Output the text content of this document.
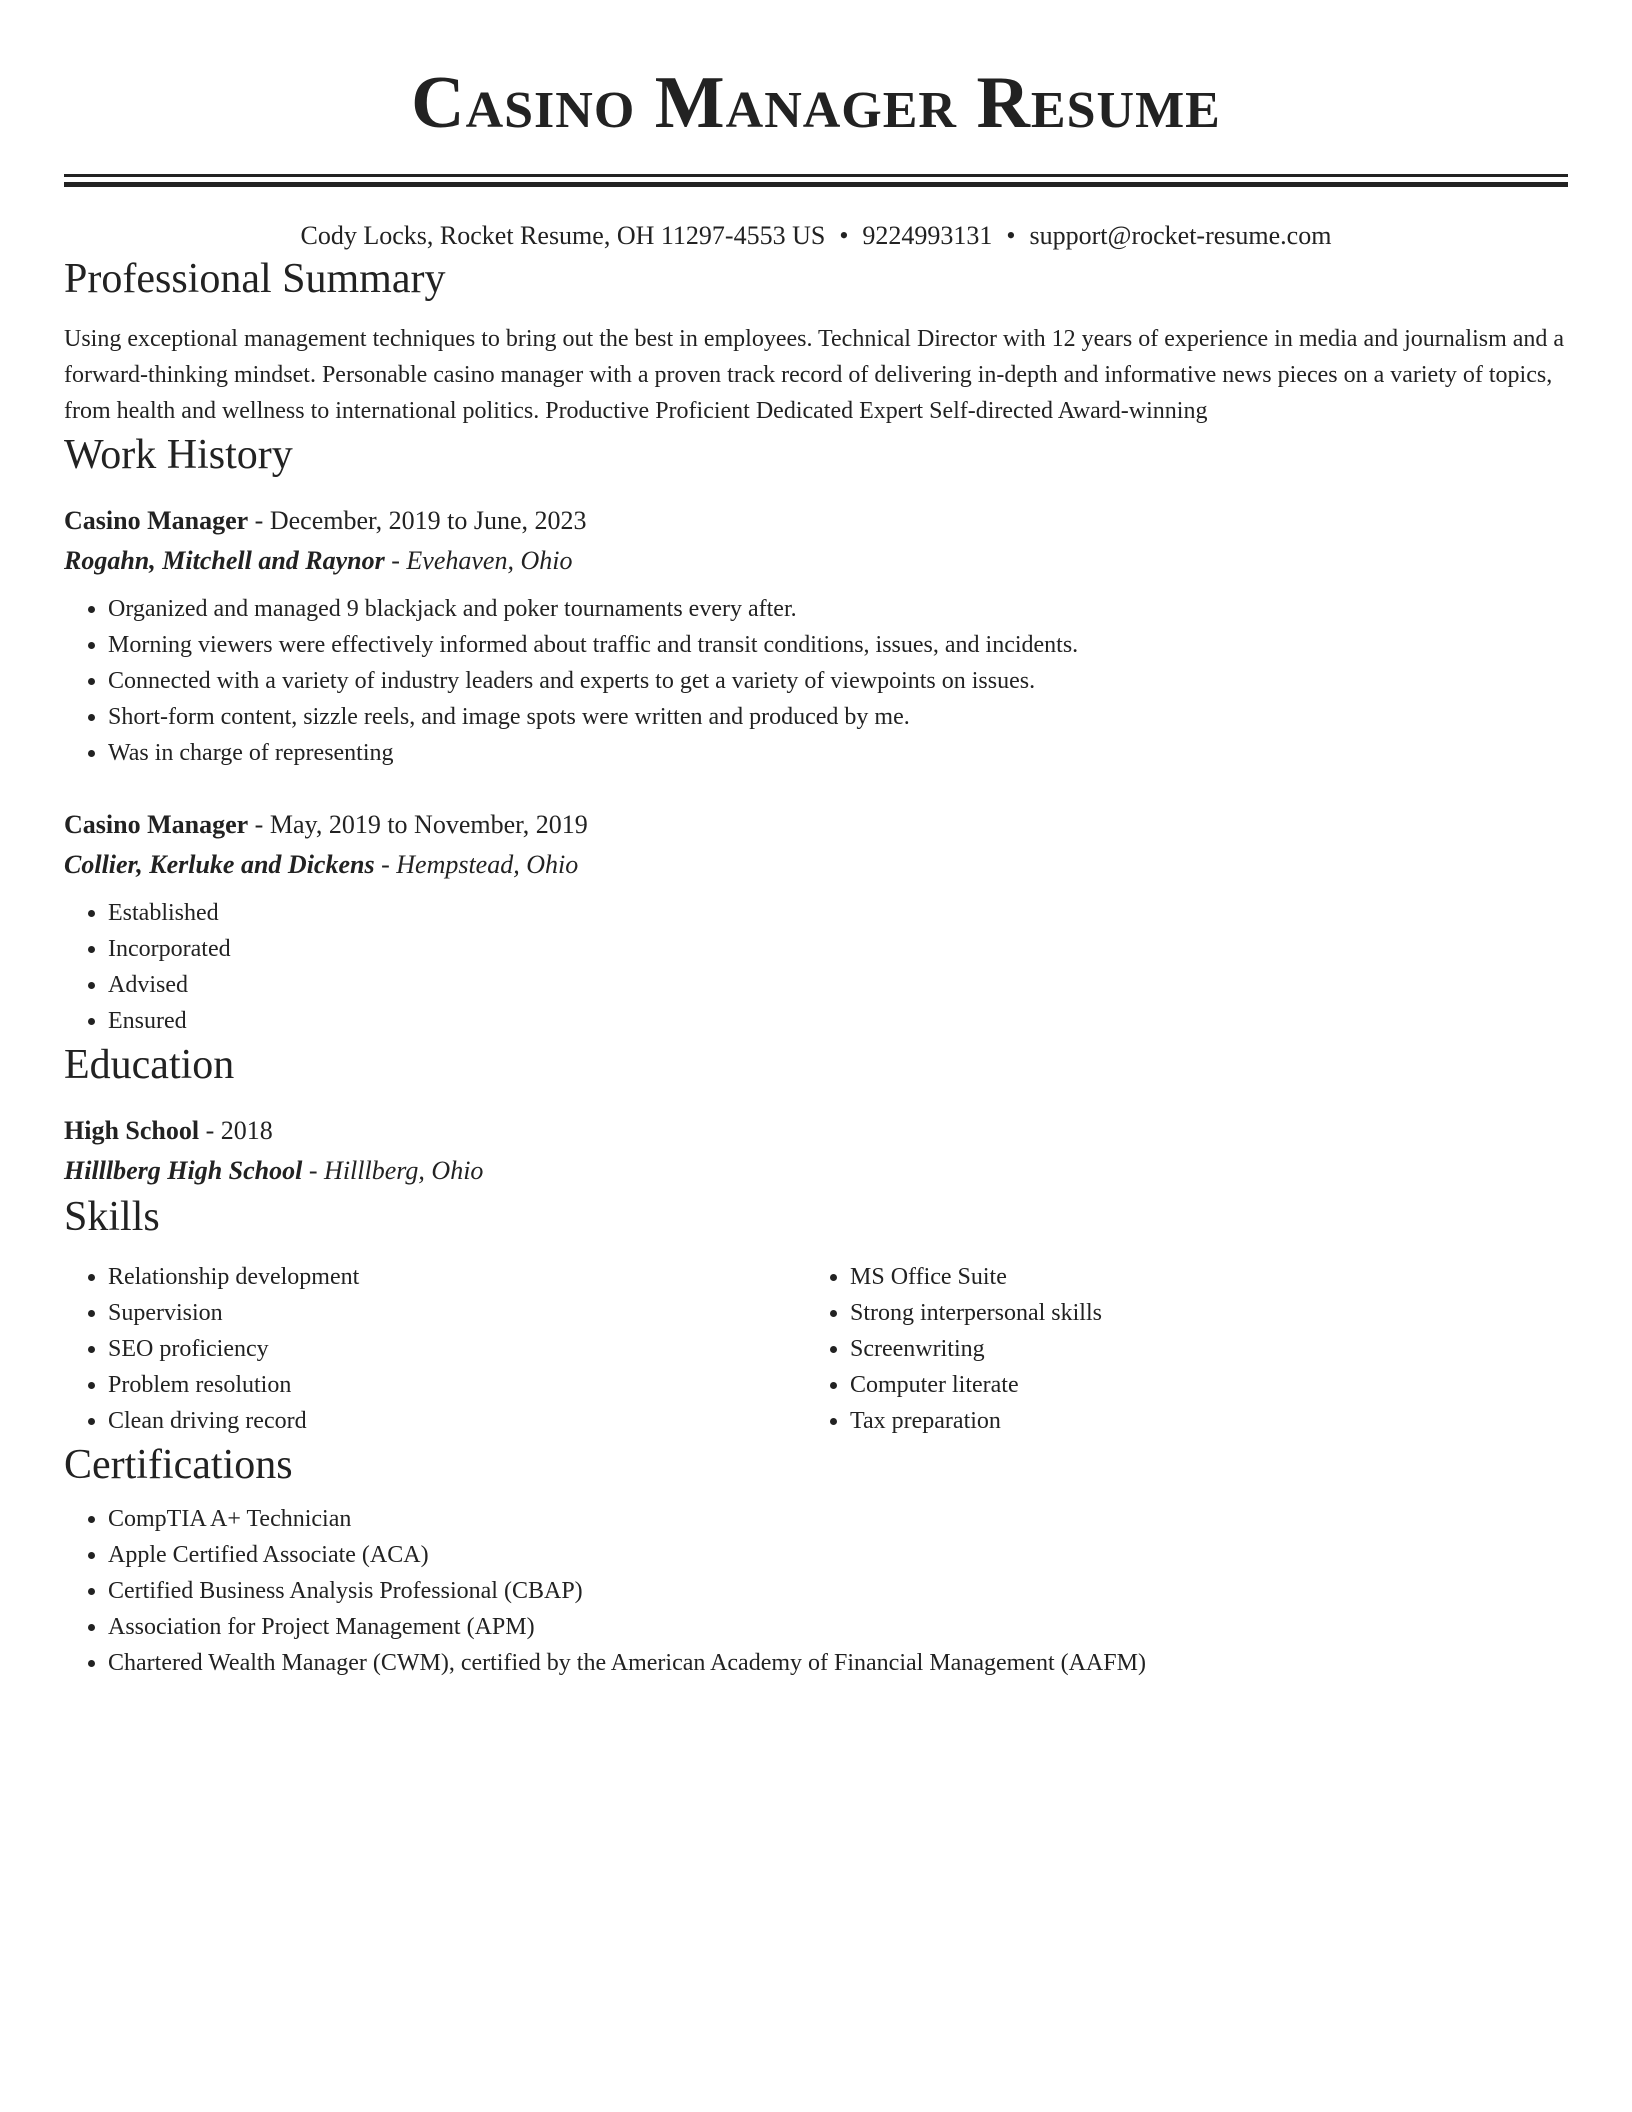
Casino Manager Resume
Cody Locks, Rocket Resume, OH 11297-4553 US • 9224993131 • support@rocket-resume.com
Professional Summary
Using exceptional management techniques to bring out the best in employees. Technical Director with 12 years of experience in media and journalism and a forward-thinking mindset. Personable casino manager with a proven track record of delivering in-depth and informative news pieces on a variety of topics, from health and wellness to international politics. Productive Proficient Dedicated Expert Self-directed Award-winning
Work History
Casino Manager - December, 2019 to June, 2023
Rogahn, Mitchell and Raynor - Evehaven, Ohio
• Organized and managed 9 blackjack and poker tournaments every after.
• Morning viewers were effectively informed about traffic and transit conditions, issues, and incidents.
• Connected with a variety of industry leaders and experts to get a variety of viewpoints on issues.
• Short-form content, sizzle reels, and image spots were written and produced by me.
• Was in charge of representing
Casino Manager - May, 2019 to November, 2019
Collier, Kerluke and Dickens - Hempstead, Ohio
• Established
• Incorporated
• Advised
• Ensured
Education
High School - 2018
Hilllberg High School - Hilllberg, Ohio
Skills
• Relationship development
• Supervision
• SEO proficiency
• Problem resolution
• Clean driving record
• MS Office Suite
• Strong interpersonal skills
• Screenwriting
• Computer literate
• Tax preparation
Certifications
• CompTIA A+ Technician
• Apple Certified Associate (ACA)
• Certified Business Analysis Professional (CBAP)
• Association for Project Management (APM)
• Chartered Wealth Manager (CWM), certified by the American Academy of Financial Management (AAFM)
